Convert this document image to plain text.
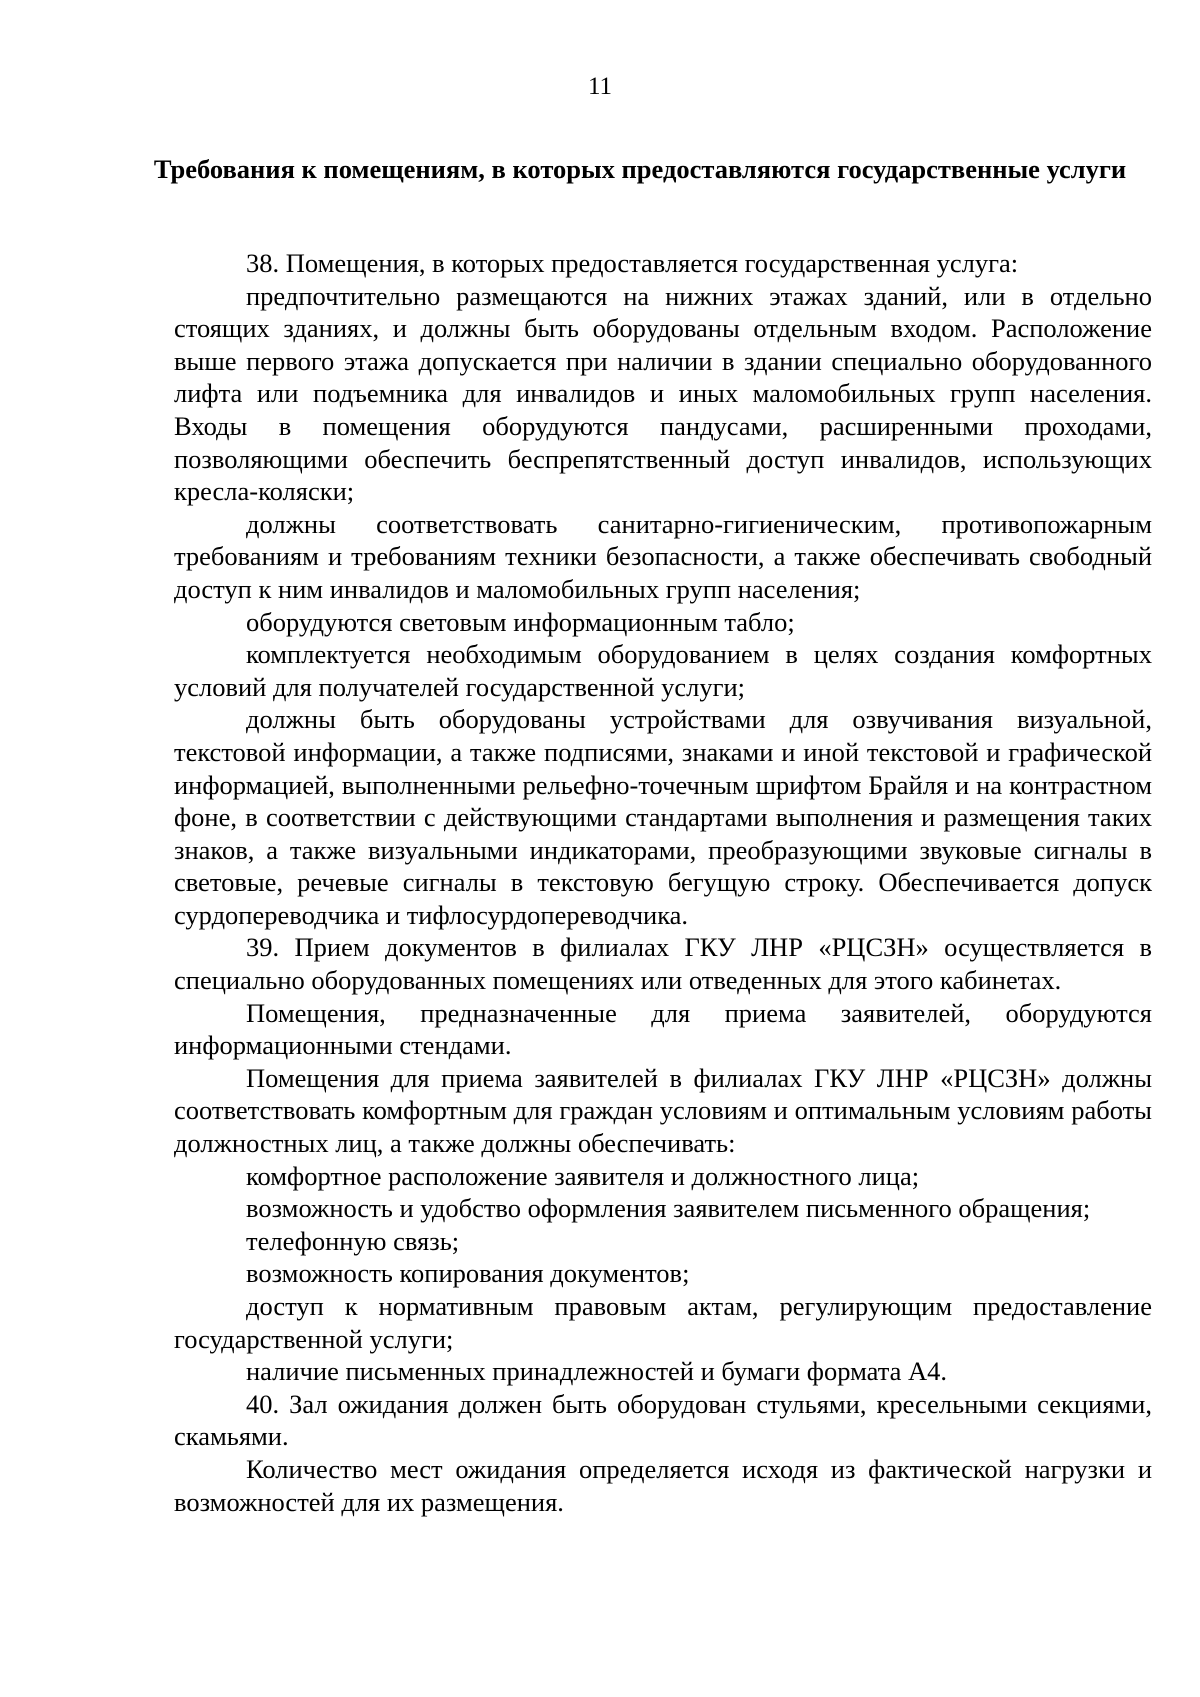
11
Требования к помещениям, в которых предоставляются государственные услуги

38. Помещения, в которых предоставляется государственная услуга:

предпочтительно размещаются на нижних этажах зданий, или в отдельно стоящих зданиях, и должны быть оборудованы отдельным входом. Расположение выше первого этажа допускается при наличии в здании специально оборудованного лифта или подъемника для инвалидов и иных маломобильных групп населения. Входы в помещения оборудуются пандусами, расширенными проходами, позволяющими обеспечить беспрепятственный доступ инвалидов, использующих кресла-коляски;

должны соответствовать санитарно-гигиеническим, противопожарным требованиям и требованиям техники безопасности, а также обеспечивать свободный доступ к ним инвалидов и маломобильных групп населения;

оборудуются световым информационным табло;

комплектуется необходимым оборудованием в целях создания комфортных условий для получателей государственной услуги;

должны быть оборудованы устройствами для озвучивания визуальной, текстовой информации, а также подписями, знаками и иной текстовой и графической информацией, выполненными рельефно-точечным шрифтом Брайля и на контрастном фоне, в соответствии с действующими стандартами выполнения и размещения таких знаков, а также визуальными индикаторами, преобразующими звуковые сигналы в световые, речевые сигналы в текстовую бегущую строку. Обеспечивается допуск сурдопереводчика и тифлосурдопереводчика.

39. Прием документов в филиалах ГКУ ЛНР «РЦСЗН» осуществляется в специально оборудованных помещениях или отведенных для этого кабинетах.

Помещения, предназначенные для приема заявителей, оборудуются информационными стендами.

Помещения для приема заявителей в филиалах ГКУ ЛНР «РЦСЗН» должны соответствовать комфортным для граждан условиям и оптимальным условиям работы должностных лиц, а также должны обеспечивать:

комфортное расположение заявителя и должностного лица;

возможность и удобство оформления заявителем письменного обращения;

телефонную связь;

возможность копирования документов;

доступ к нормативным правовым актам, регулирующим предоставление государственной услуги;

наличие письменных принадлежностей и бумаги формата А4.

40. Зал ожидания должен быть оборудован стульями, кресельными секциями, скамьями.

Количество мест ожидания определяется исходя из фактической нагрузки и возможностей для их размещения.
